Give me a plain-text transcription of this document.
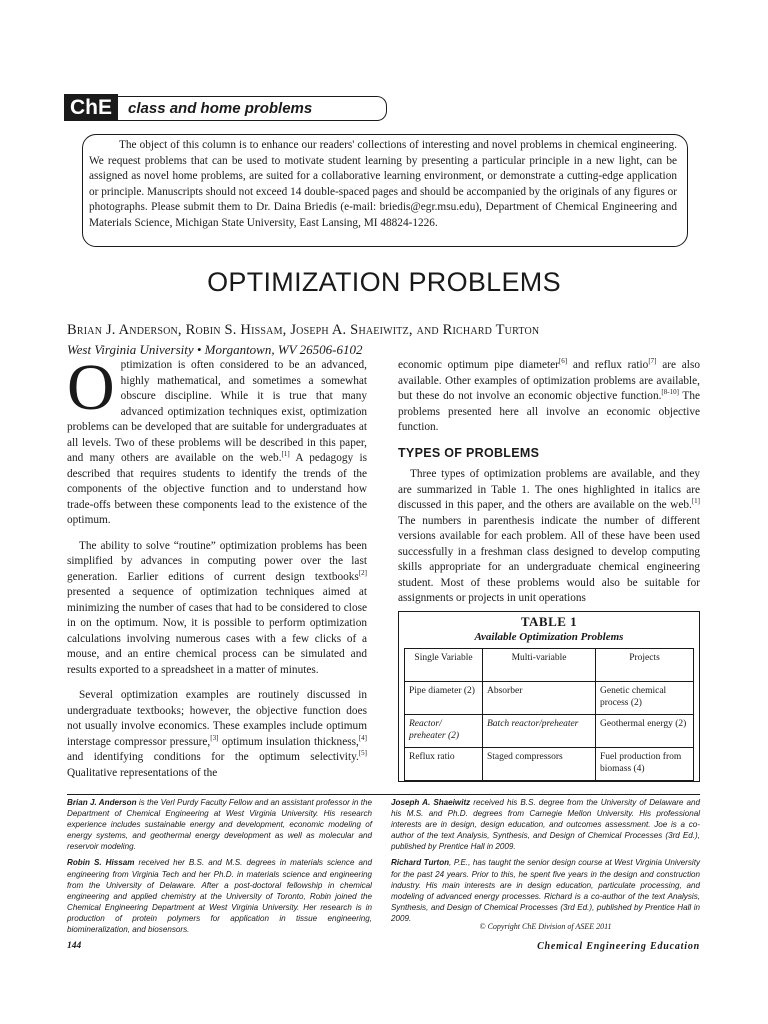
ChE	class and home problems

The object of this column is to enhance our readers' collections of interesting and novel problems in chemical engineering. We request problems that can be used to motivate student learning by presenting a particular principle in a new light, can be assigned as novel home problems, are suited for a collaborative learning environment, or demonstrate a cutting-edge application or principle. Manuscripts should not exceed 14 double-spaced pages and should be accompanied by the originals of any figures or photographs. Please submit them to Dr. Daina Briedis (e-mail: briedis@egr.msu.edu), Department of Chemical Engineering and Materials Science, Michigan State University, East Lansing, MI 48824-1226.

OPTIMIZATION PROBLEMS
Brian J. Anderson, Robin S. Hissam, Joseph A. Shaeiwitz, and Richard Turton
West Virginia University • Morgantown, WV 26506-6102

Optimization is often considered to be an advanced, highly mathematical, and sometimes a somewhat obscure discipline. While it is true that many advanced optimization techniques exist, optimization problems can be developed that are suitable for undergraduates at all levels. Two of these problems will be described in this paper, and many others are available on the web.[1] A pedagogy is described that requires students to identify the trends of the components of the objective function and to understand how trade-offs between these components lead to the existence of the optimum.

The ability to solve “routine” optimization problems has been simplified by advances in computing power over the last generation. Earlier editions of current design textbooks[2] presented a sequence of optimization techniques aimed at minimizing the number of cases that had to be considered to close in on the optimum. Now, it is possible to perform optimization calculations involving numerous cases with a few clicks of a mouse, and an entire chemical process can be simulated and results exported to a spreadsheet in a matter of minutes.

Several optimization examples are routinely discussed in undergraduate textbooks; however, the objective function does not usually involve economics. These examples include optimum interstage compressor pressure,[3] optimum insulation thickness,[4] and identifying conditions for the optimum selectivity.[5] Qualitative representations of the

economic optimum pipe diameter[6] and reflux ratio[7] are also available. Other examples of optimization problems are available, but these do not involve an economic objective function.[8-10] The problems presented here all involve an economic objective function.

TYPES OF PROBLEMS

Three types of optimization problems are available, and they are summarized in Table 1. The ones highlighted in italics are discussed in this paper, and the others are available on the web.[1] The numbers in parenthesis indicate the number of different versions available for each problem. All of these have been used successfully in a freshman class designed to develop computing skills appropriate for an undergraduate chemical engineering student. Most of these problems would also be suitable for assignments or projects in unit operations

TABLE 1
Available Optimization Problems
Single Variable	Multi-variable	Projects
Pipe diameter (2)	Absorber	Genetic chemical process (2)
Reactor/ preheater (2)	Batch reactor/preheater	Geothermal energy (2)
Reflux ratio	Staged compressors	Fuel production from biomass (4)

Brian J. Anderson is the Verl Purdy Faculty Fellow and an assistant professor in the Department of Chemical Engineering at West Virginia University. His research experience includes sustainable energy and development, economic modeling of energy systems, and geothermal energy development as well as molecular and reservoir modeling.

Robin S. Hissam received her B.S. and M.S. degrees in materials science and engineering from Virginia Tech and her Ph.D. in materials science and engineering from the University of Delaware. After a post-doctoral fellowship in chemical engineering and applied chemistry at the University of Toronto, Robin joined the Chemical Engineering Department at West Virginia University. Her research is in production of protein polymers for application in tissue engineering, biomineralization, and biosensors.

Joseph A. Shaeiwitz received his B.S. degree from the University of Delaware and his M.S. and Ph.D. degrees from Carnegie Mellon University. His professional interests are in design, design education, and outcomes assessment. Joe is a co-author of the text Analysis, Synthesis, and Design of Chemical Processes (3rd Ed.), published by Prentice Hall in 2009.

Richard Turton, P.E., has taught the senior design course at West Virginia University for the past 24 years. Prior to this, he spent five years in the design and construction industry. His main interests are in design education, particulate processing, and modeling of advanced energy processes. Richard is a co-author of the text Analysis, Synthesis, and Design of Chemical Processes (3rd Ed.), published by Prentice Hall in 2009.

© Copyright ChE Division of ASEE 2011
144	Chemical Engineering Education
